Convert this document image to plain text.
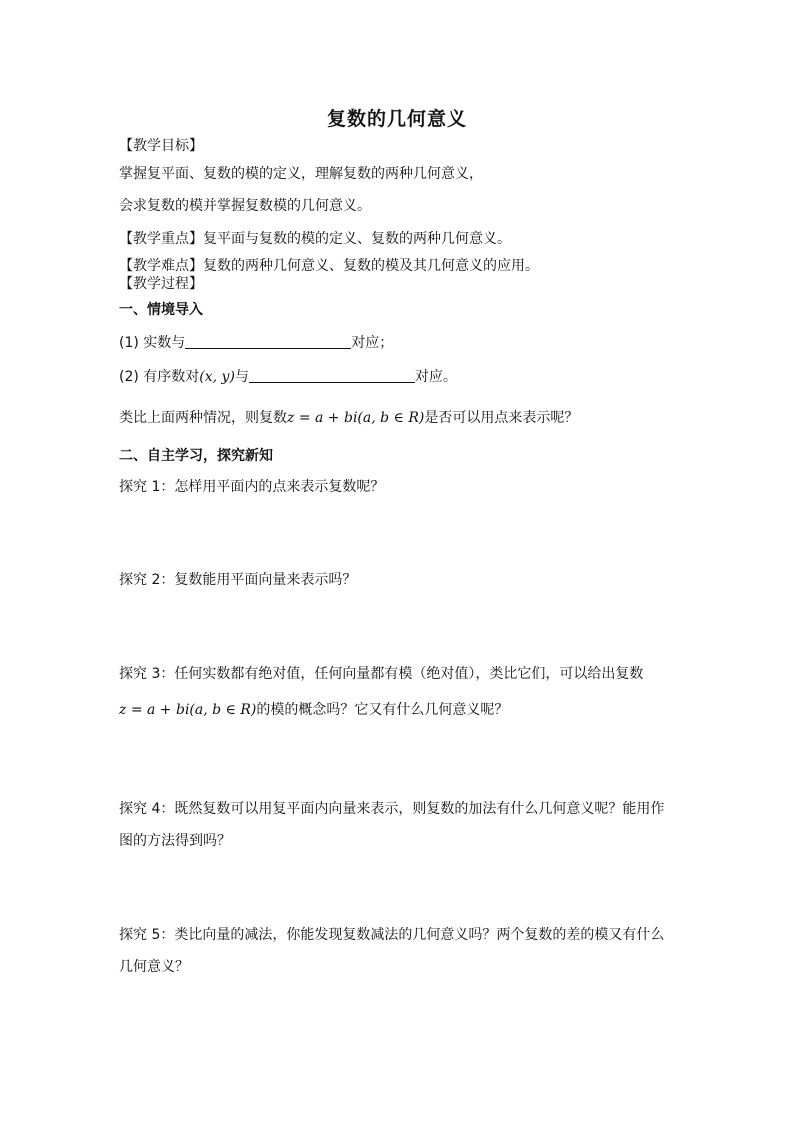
复数的几何意义
【教学目标】
掌握复平面、复数的模的定义，理解复数的两种几何意义，
会求复数的模并掌握复数模的几何意义。
【教学重点】复平面与复数的模的定义、复数的两种几何意义。
【教学难点】复数的两种几何意义、复数的模及其几何意义的应用。
【教学过程】
一、情境导入
(1) 实数与	对应；
(2) 有序数对(x, y)与	对应。
类比上面两种情况，则复数z = a + bi(a, b ∈ R)是否可以用点来表示呢？
二、自主学习，探究新知
探究 1：怎样用平面内的点来表示复数呢？
探究 2：复数能用平面向量来表示吗？
探究 3：任何实数都有绝对值，任何向量都有模（绝对值），类比它们，可以给出复数
z = a + bi(a, b ∈ R)的模的概念吗？它又有什么几何意义呢？
探究 4：既然复数可以用复平面内向量来表示，则复数的加法有什么几何意义呢？能用作
图的方法得到吗？
探究 5：类比向量的减法，你能发现复数减法的几何意义吗？两个复数的差的模又有什么
几何意义？
